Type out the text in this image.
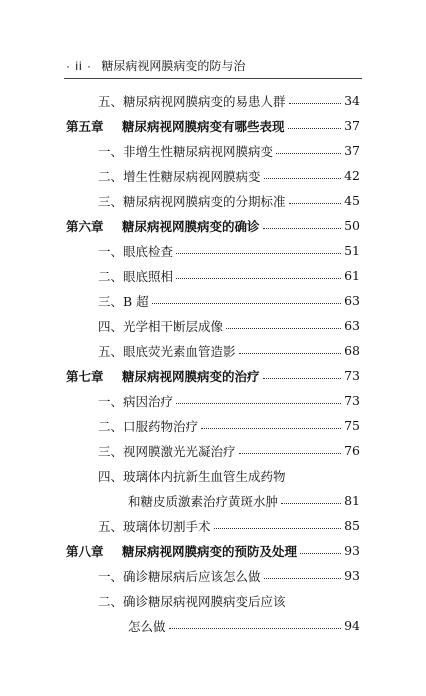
· ii · 糖尿病视网膜病变的防与治
五、糖尿病视网膜病变的易患人群	34
第五章	糖尿病视网膜病变有哪些表现	37
一、非增生性糖尿病视网膜病变	37
二、增生性糖尿病视网膜病变	42
三、糖尿病视网膜病变的分期标准	45
第六章	糖尿病视网膜病变的确诊	50
一、眼底检查	51
二、眼底照相	61
三、B 超	63
四、光学相干断层成像	63
五、眼底荧光素血管造影	68
第七章	糖尿病视网膜病变的治疗	73
一、病因治疗	73
二、口服药物治疗	75
三、视网膜激光光凝治疗	76
四、玻璃体内抗新生血管生成药物
和糖皮质激素治疗黄斑水肿	81
五、玻璃体切割手术	85
第八章	糖尿病视网膜病变的预防及处理	93
一、确诊糖尿病后应该怎么做	93
二、确诊糖尿病视网膜病变后应该
怎么做	94
